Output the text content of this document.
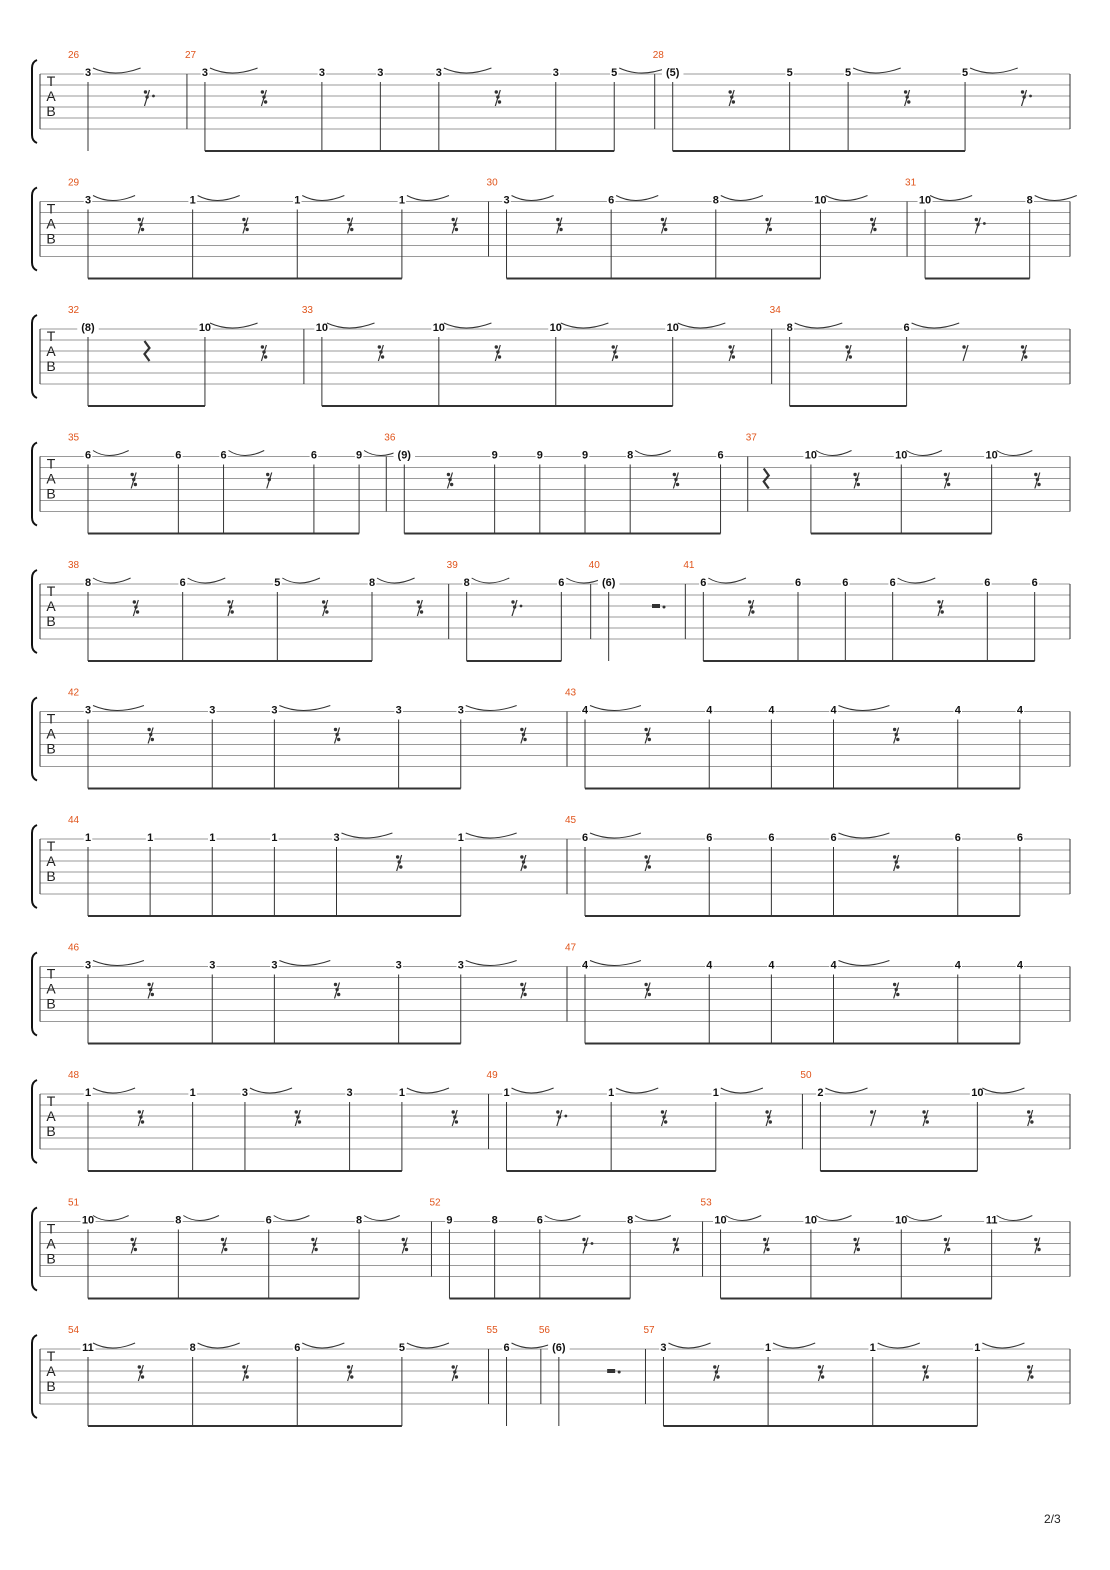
T
A
B
26
3
27
3	3	3	3	3	5
28
(5)	5	5	5
T
A
B
29
3	1	1	1
30
3	6	8	10
31
10	8
T
A
B
32
(8)	10
33
10	10	10	10
34
8	6
T
A
B
35
6	6	6	6	9
36
(9)	9	9	9	8	6
37
10	10	10
T
A
B
38
8	6	5	8
39
8	6
40
(6)
41
6	6	6	6	6	6
T
A
B
42
3	3	3	3	3
43
4	4	4	4	4	4
T
A
B
44
1	1	1	1	3	1
45
6	6	6	6	6	6
T
A
B
46
3	3	3	3	3
47
4	4	4	4	4	4
T
A
B
48
1	1	3	3	1
49
1	1	1
50
2	10
T
A
B
51
10	8	6	8
52
9	8	6	8
53
10	10	10	11
T
A
B
54
11	8	6	5
55
6
56
(6)
57
3	1	1	1
2/3
